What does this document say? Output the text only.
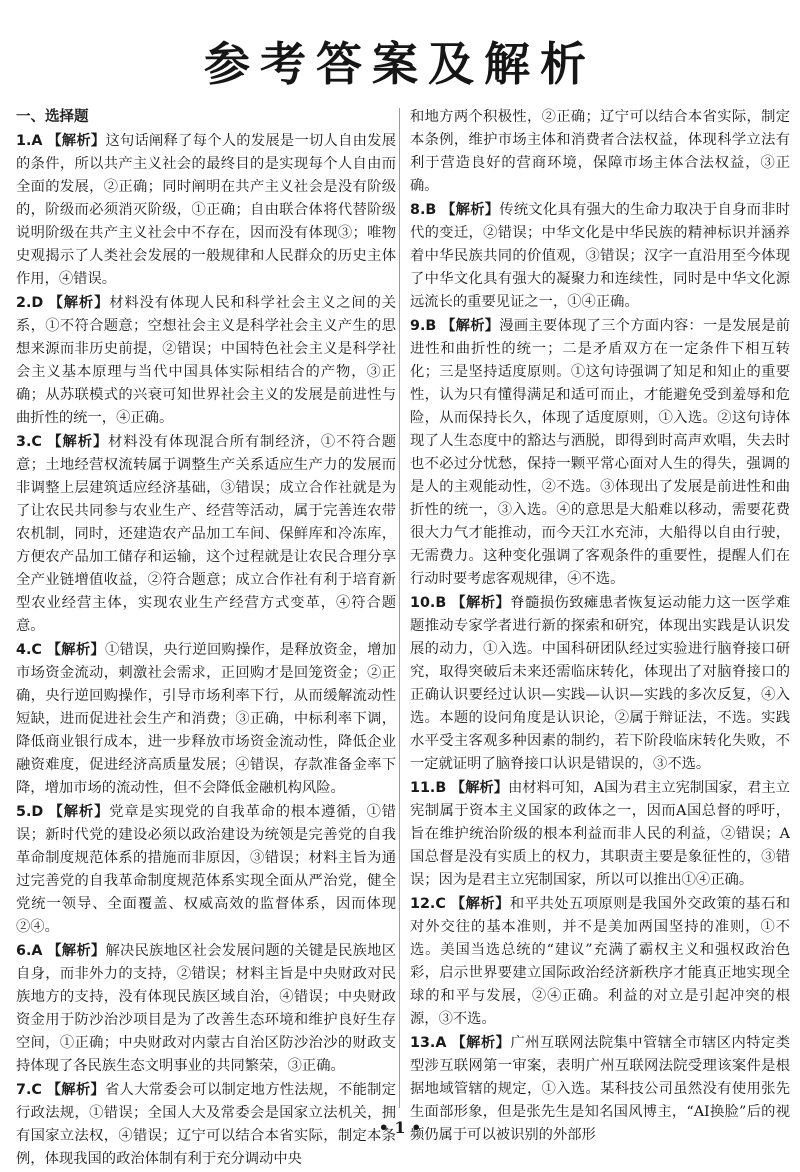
参考答案及解析
一、选择题

1.A 【解析】这句话阐释了每个人的发展是一切人自由发展的条件，所以共产主义社会的最终目的是实现每个人自由而全面的发展，②正确；同时阐明在共产主义社会是没有阶级的，阶级而必须消灭阶级，①正确；自由联合体将代替阶级说明阶级在共产主义社会中不存在，因而没有体现③；唯物史观揭示了人类社会发展的一般规律和人民群众的历史主体作用，④错误。

2.D 【解析】材料没有体现人民和科学社会主义之间的关系，①不符合题意；空想社会主义是科学社会主义产生的思想来源而非历史前提，②错误；中国特色社会主义是科学社会主义基本原理与当代中国具体实际相结合的产物，③正确；从苏联模式的兴衰可知世界社会主义的发展是前进性与曲折性的统一，④正确。

3.C 【解析】材料没有体现混合所有制经济，①不符合题意；土地经营权流转属于调整生产关系适应生产力的发展而非调整上层建筑适应经济基础，③错误；成立合作社就是为了让农民共同参与农业生产、经营等活动，属于完善连农带农机制，同时，还建造农产品加工车间、保鲜库和冷冻库，方便农产品加工储存和运输，这个过程就是让农民合理分享全产业链增值收益，②符合题意；成立合作社有利于培育新型农业经营主体，实现农业生产经营方式变革，④符合题意。

4.C 【解析】①错误，央行逆回购操作，是释放资金，增加市场资金流动，刺激社会需求，正回购才是回笼资金；②正确，央行逆回购操作，引导市场利率下行，从而缓解流动性短缺，进而促进社会生产和消费；③正确，中标利率下调，降低商业银行成本，进一步释放市场资金流动性，降低企业融资难度，促进经济高质量发展；④错误，存款准备金率下降，增加市场的流动性，但不会降低金融机构风险。

5.D 【解析】党章是实现党的自我革命的根本遵循，①错误；新时代党的建设必须以政治建设为统领是完善党的自我革命制度规范体系的措施而非原因，③错误；材料主旨为通过完善党的自我革命制度规范体系实现全面从严治党，健全党统一领导、全面覆盖、权威高效的监督体系，因而体现②④。

6.A 【解析】解决民族地区社会发展问题的关键是民族地区自身，而非外力的支持，②错误；材料主旨是中央财政对民族地方的支持，没有体现民族区域自治，④错误；中央财政资金用于防沙治沙项目是为了改善生态环境和维护良好生存空间，①正确；中央财政对内蒙古自治区防沙治沙的财政支持体现了各民族生态文明事业的共同繁荣，③正确。

7.C 【解析】省人大常委会可以制定地方性法规，不能制定行政法规，①错误；全国人大及常委会是国家立法机关，拥有国家立法权，④错误；辽宁可以结合本省实际，制定本条例，体现我国的政治体制有利于充分调动中央

和地方两个积极性，②正确；辽宁可以结合本省实际，制定本条例，维护市场主体和消费者合法权益，体现科学立法有利于营造良好的营商环境，保障市场主体合法权益，③正确。

8.B 【解析】传统文化具有强大的生命力取决于自身而非时代的变迁，②错误；中华文化是中华民族的精神标识并涵养着中华民族共同的价值观，③错误；汉字一直沿用至今体现了中华文化具有强大的凝聚力和连续性，同时是中华文化源远流长的重要见证之一，①④正确。

9.B 【解析】漫画主要体现了三个方面内容：一是发展是前进性和曲折性的统一；二是矛盾双方在一定条件下相互转化；三是坚持适度原则。①这句诗强调了知足和知止的重要性，认为只有懂得满足和适可而止，才能避免受到羞辱和危险，从而保持长久，体现了适度原则，①入选。②这句诗体现了人生态度中的豁达与洒脱，即得到时高声欢唱，失去时也不必过分忧愁，保持一颗平常心面对人生的得失，强调的是人的主观能动性，②不选。③体现出了发展是前进性和曲折性的统一，③入选。④的意思是大船难以移动，需要花费很大力气才能推动，而今天江水充沛，大船得以自由行驶，无需费力。这种变化强调了客观条件的重要性，提醒人们在行动时要考虑客观规律，④不选。

10.B 【解析】脊髓损伤致瘫患者恢复运动能力这一医学难题推动专家学者进行新的探索和研究，体现出实践是认识发展的动力，①入选。中国科研团队经过实验进行脑脊接口研究，取得突破后未来还需临床转化，体现出了对脑脊接口的正确认识要经过认识—实践—认识—实践的多次反复，④入选。本题的设问角度是认识论，②属于辩证法，不选。实践水平受主客观多种因素的制约，若下阶段临床转化失败，不一定就证明了脑脊接口认识是错误的，③不选。

11.B 【解析】由材料可知，A国为君主立宪制国家，君主立宪制属于资本主义国家的政体之一，因而A国总督的呼吁，旨在维护统治阶级的根本利益而非人民的利益，②错误；A国总督是没有实质上的权力，其职责主要是象征性的，③错误；因为是君主立宪制国家，所以可以推出①④正确。

12.C 【解析】和平共处五项原则是我国外交政策的基石和对外交往的基本准则，并不是美加两国坚持的准则，①不选。美国当选总统的“建议”充满了霸权主义和强权政治色彩，启示世界要建立国际政治经济新秩序才能真正地实现全球的和平与发展，②④正确。利益的对立是引起冲突的根源，③不选。

13.A 【解析】广州互联网法院集中管辖全市辖区内特定类型涉互联网第一审案，表明广州互联网法院受理该案件是根据地域管辖的规定，①入选。某科技公司虽然没有使用张先生面部形象，但是张先生是知名国风博主，“AI换脸”后的视频仍属于可以被识别的外部形

• 1 •
